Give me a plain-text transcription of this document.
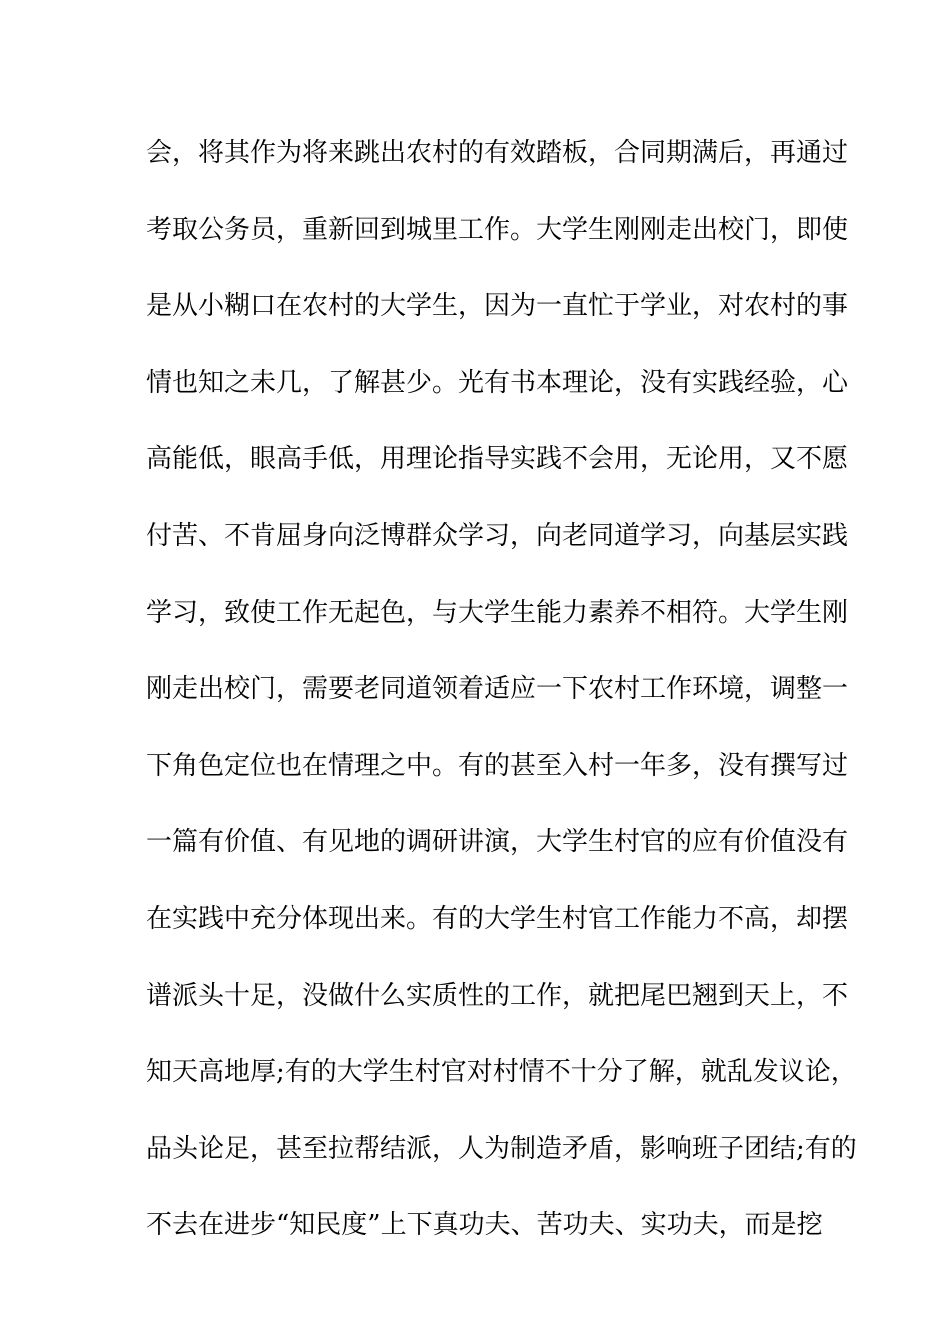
会，将其作为将来跳出农村的有效踏板，合同期满后，再通过
考取公务员，重新回到城里工作。大学生刚刚走出校门，即使
是从小糊口在农村的大学生，因为一直忙于学业，对农村的事
情也知之未几，了解甚少。光有书本理论，没有实践经验，心
高能低，眼高手低，用理论指导实践不会用，无论用，又不愿
付苦、不肯屈身向泛博群众学习，向老同道学习，向基层实践
学习，致使工作无起色，与大学生能力素养不相符。大学生刚
刚走出校门，需要老同道领着适应一下农村工作环境，调整一
下角色定位也在情理之中。有的甚至入村一年多，没有撰写过
一篇有价值、有见地的调研讲演，大学生村官的应有价值没有
在实践中充分体现出来。有的大学生村官工作能力不高，却摆
谱派头十足，没做什么实质性的工作，就把尾巴翘到天上，不
知天高地厚;有的大学生村官对村情不十分了解，就乱发议论，
品头论足，甚至拉帮结派，人为制造矛盾，影响班子团结;有的
不去在进步“知民度”上下真功夫、苦功夫、实功夫，而是挖
